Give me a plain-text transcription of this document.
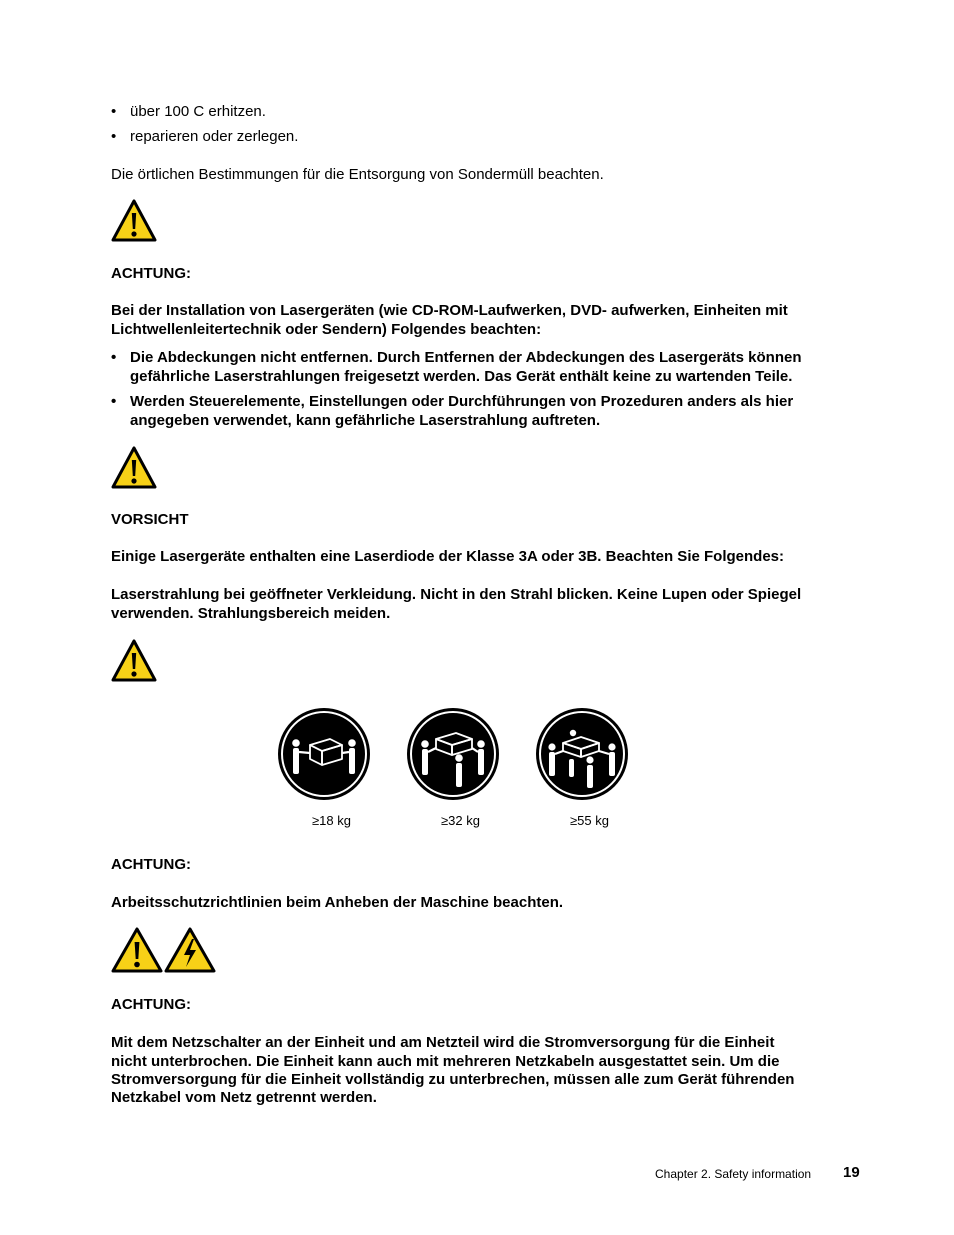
• über 100 C erhitzen.
• reparieren oder zerlegen.
Die örtlichen Bestimmungen für die Entsorgung von Sondermüll beachten.
ACHTUNG:
Bei der Installation von Lasergeräten (wie CD-ROM-Laufwerken, DVD- aufwerken, Einheiten mit
Lichtwellenleitertechnik oder Sendern) Folgendes beachten:
• Die Abdeckungen nicht entfernen. Durch Entfernen der Abdeckungen des Lasergeräts können
gefährliche Laserstrahlungen freigesetzt werden. Das Gerät enthält keine zu wartenden Teile.
• Werden Steuerelemente, Einstellungen oder Durchführungen von Prozeduren anders als hier
angegeben verwendet, kann gefährliche Laserstrahlung auftreten.
VORSICHT
Einige Lasergeräte enthalten eine Laserdiode der Klasse 3A oder 3B. Beachten Sie Folgendes:
Laserstrahlung bei geöffneter Verkleidung. Nicht in den Strahl blicken. Keine Lupen oder Spiegel
verwenden. Strahlungsbereich meiden.
≥18 kg	≥32 kg	≥55 kg
ACHTUNG:
Arbeitsschutzrichtlinien beim Anheben der Maschine beachten.
ACHTUNG:
Mit dem Netzschalter an der Einheit und am Netzteil wird die Stromversorgung für die Einheit
nicht unterbrochen. Die Einheit kann auch mit mehreren Netzkabeln ausgestattet sein. Um die
Stromversorgung für die Einheit vollständig zu unterbrechen, müssen alle zum Gerät führenden
Netzkabel vom Netz getrennt werden.
Chapter 2. Safety information 19
